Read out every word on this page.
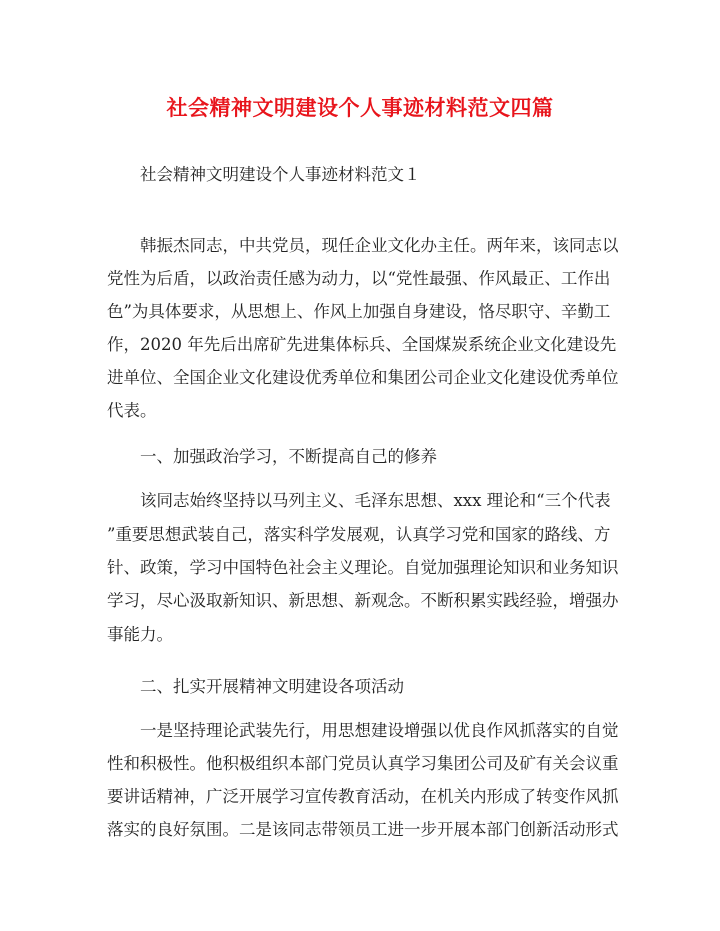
社会精神文明建设个人事迹材料范文四篇

社会精神文明建设个人事迹材料范文１

韩振杰同志，中共党员，现任企业文化办主任。两年来，该同志以

党性为后盾，以政治责任感为动力，以“党性最强、作风最正、工作出

色”为具体要求，从思想上、作风上加强自身建设，恪尽职守、辛勤工

作，2020 年先后出席矿先进集体标兵、全国煤炭系统企业文化建设先

进单位、全国企业文化建设优秀单位和集团公司企业文化建设优秀单位

代表。

一、加强政治学习，不断提高自己的修养

该同志始终坚持以马列主义、毛泽东思想、xxx 理论和“三个代表

”重要思想武装自己，落实科学发展观，认真学习党和国家的路线、方

针、政策，学习中国特色社会主义理论。自觉加强理论知识和业务知识

学习，尽心汲取新知识、新思想、新观念。不断积累实践经验，增强办

事能力。

二、扎实开展精神文明建设各项活动

一是坚持理论武装先行，用思想建设增强以优良作风抓落实的自觉

性和积极性。他积极组织本部门党员认真学习集团公司及矿有关会议重

要讲话精神，广泛开展学习宣传教育活动，在机关内形成了转变作风抓

落实的良好氛围。二是该同志带领员工进一步开展本部门创新活动形式
